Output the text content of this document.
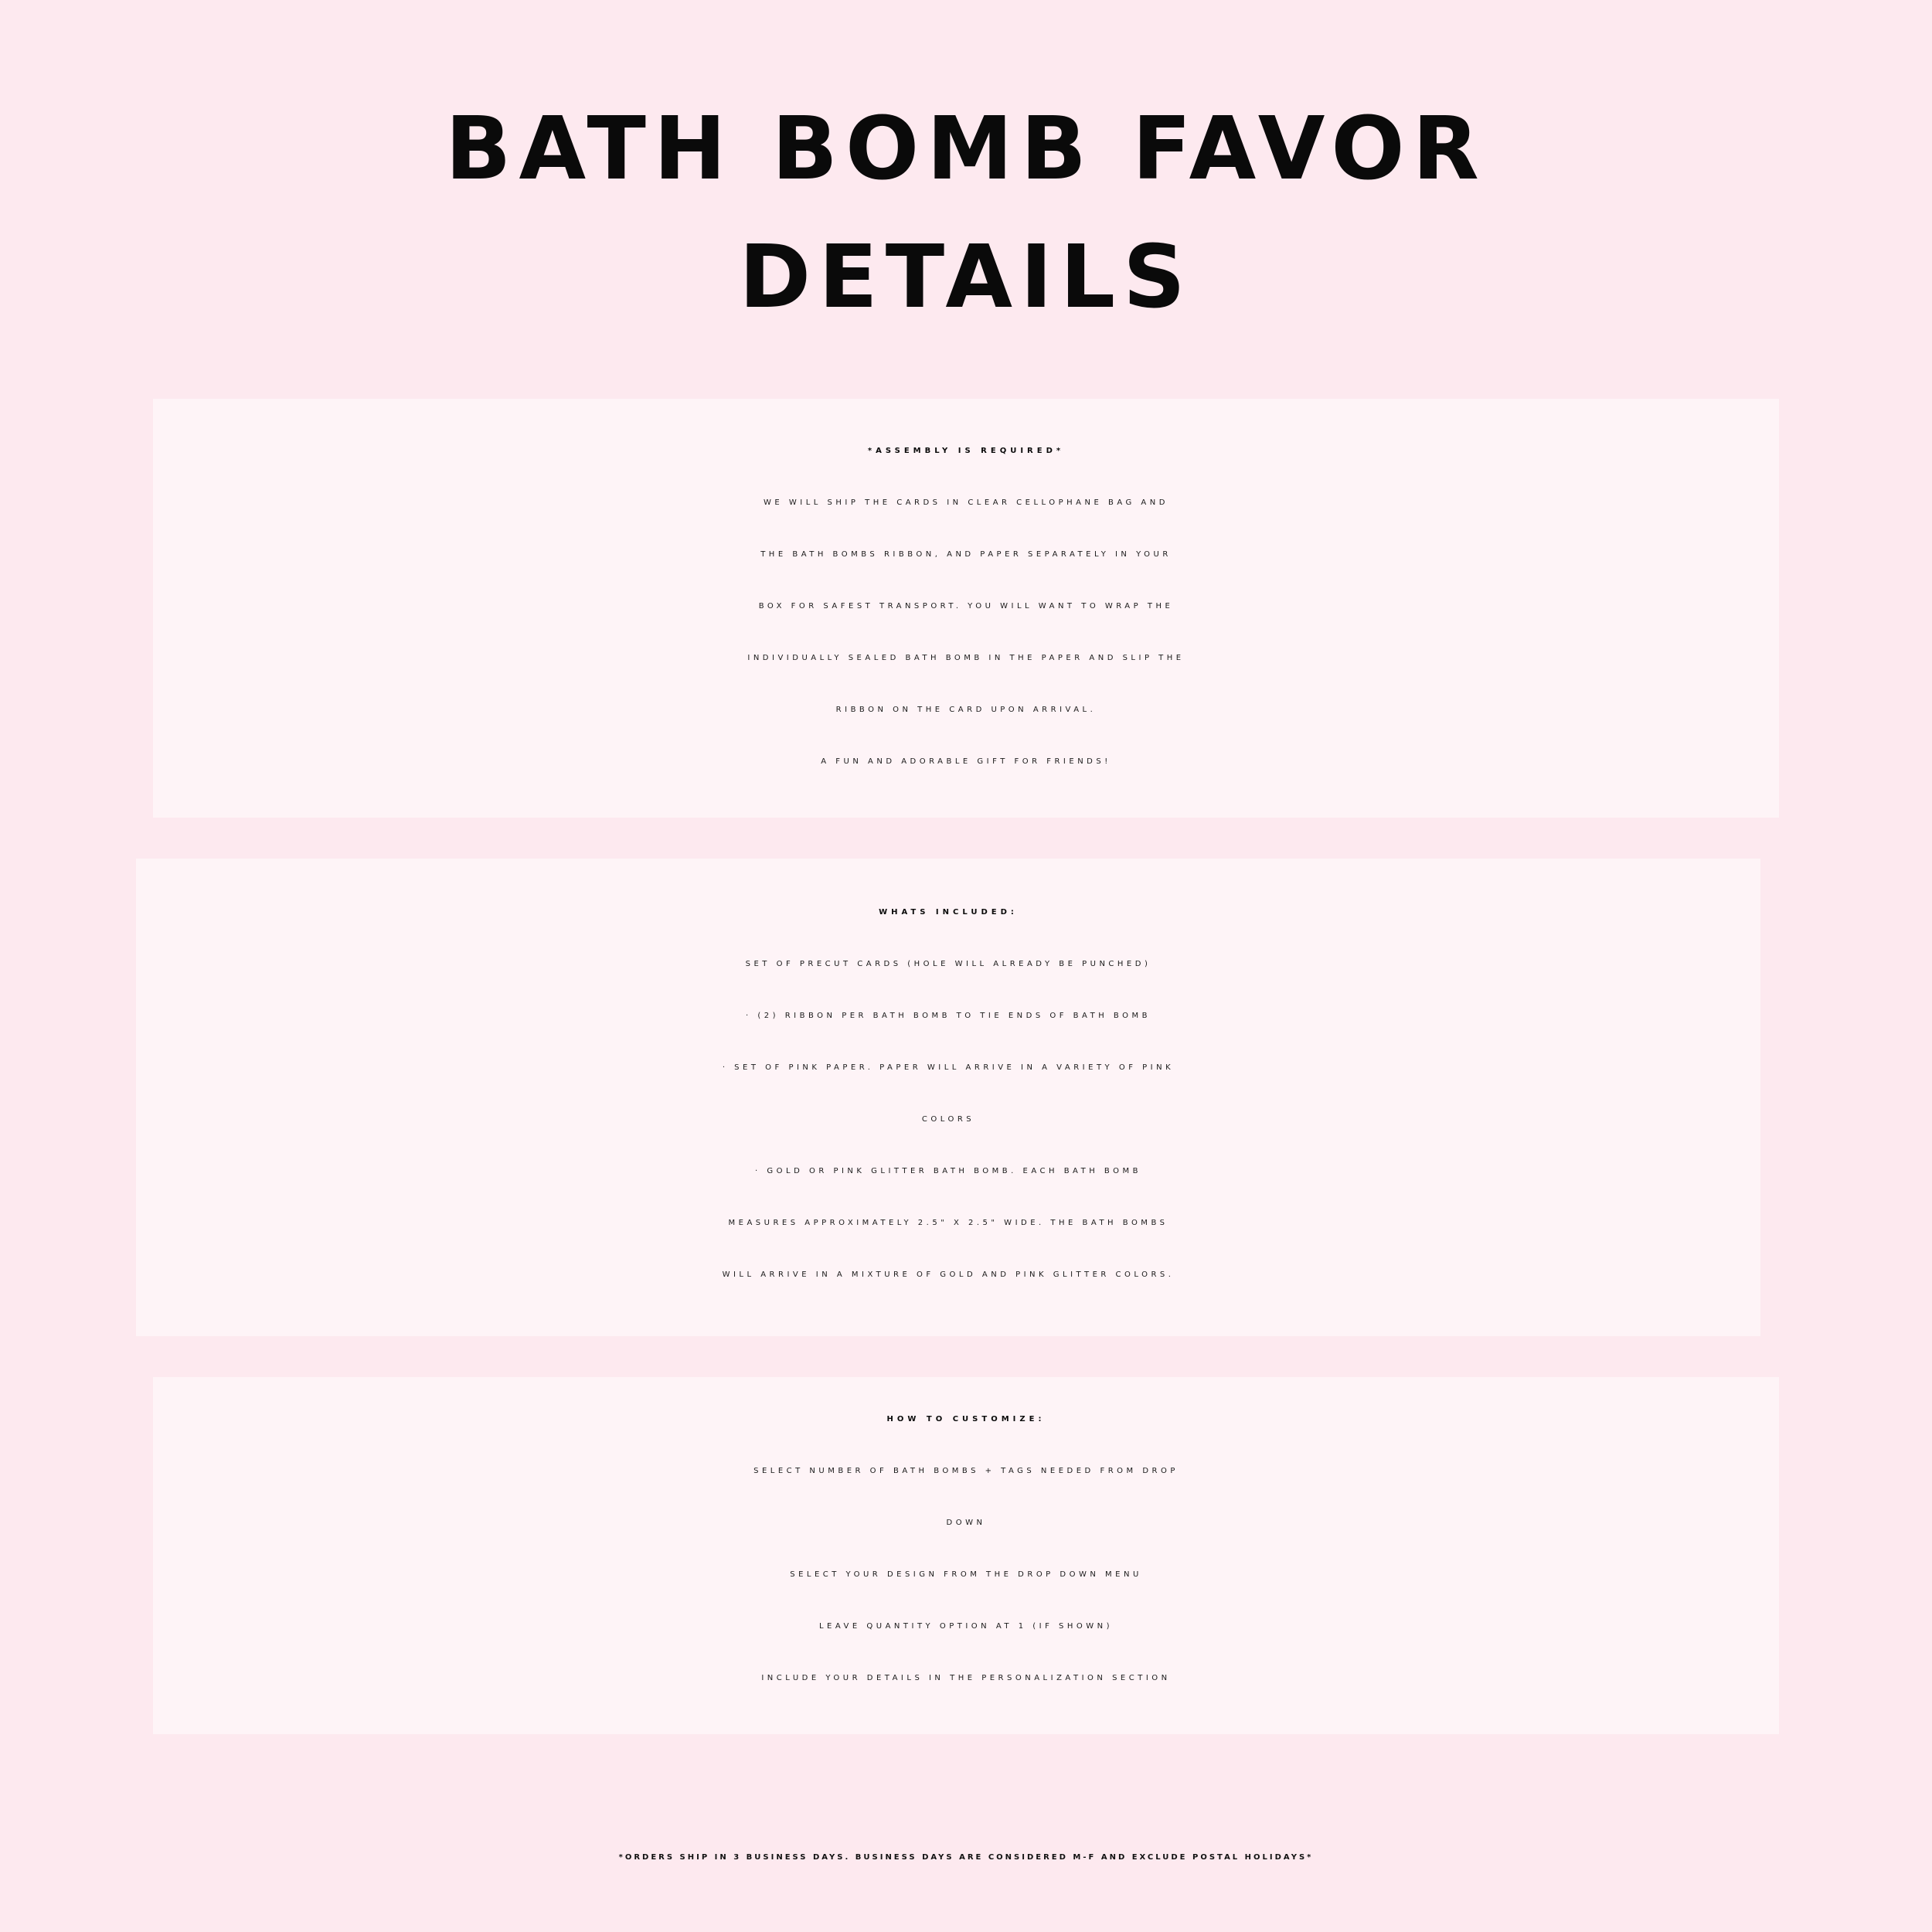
BATH BOMB FAVOR
DETAILS
*ASSEMBLY IS REQUIRED*
WE WILL SHIP THE CARDS IN CLEAR CELLOPHANE BAG AND
THE BATH BOMBS RIBBON, AND PAPER SEPARATELY IN YOUR
BOX FOR SAFEST TRANSPORT. YOU WILL WANT TO WRAP THE
INDIVIDUALLY SEALED BATH BOMB IN THE PAPER AND SLIP THE
RIBBON ON THE CARD UPON ARRIVAL.
A FUN AND ADORABLE GIFT FOR FRIENDS!
WHATS INCLUDED:
SET OF PRECUT CARDS (HOLE WILL ALREADY BE PUNCHED)
· (2) RIBBON PER BATH BOMB TO TIE ENDS OF BATH BOMB
· SET OF PINK PAPER. PAPER WILL ARRIVE IN A VARIETY OF PINK
COLORS
· GOLD OR PINK GLITTER BATH BOMB. EACH BATH BOMB
MEASURES APPROXIMATELY 2.5" X 2.5" WIDE. THE BATH BOMBS
WILL ARRIVE IN A MIXTURE OF GOLD AND PINK GLITTER COLORS.
HOW TO CUSTOMIZE:
SELECT NUMBER OF BATH BOMBS + TAGS NEEDED FROM DROP
DOWN
SELECT YOUR DESIGN FROM THE DROP DOWN MENU
LEAVE QUANTITY OPTION AT 1 (IF SHOWN)
INCLUDE YOUR DETAILS IN THE PERSONALIZATION SECTION
*ORDERS SHIP IN 3 BUSINESS DAYS. BUSINESS DAYS ARE CONSIDERED M-F AND EXCLUDE POSTAL HOLIDAYS*
